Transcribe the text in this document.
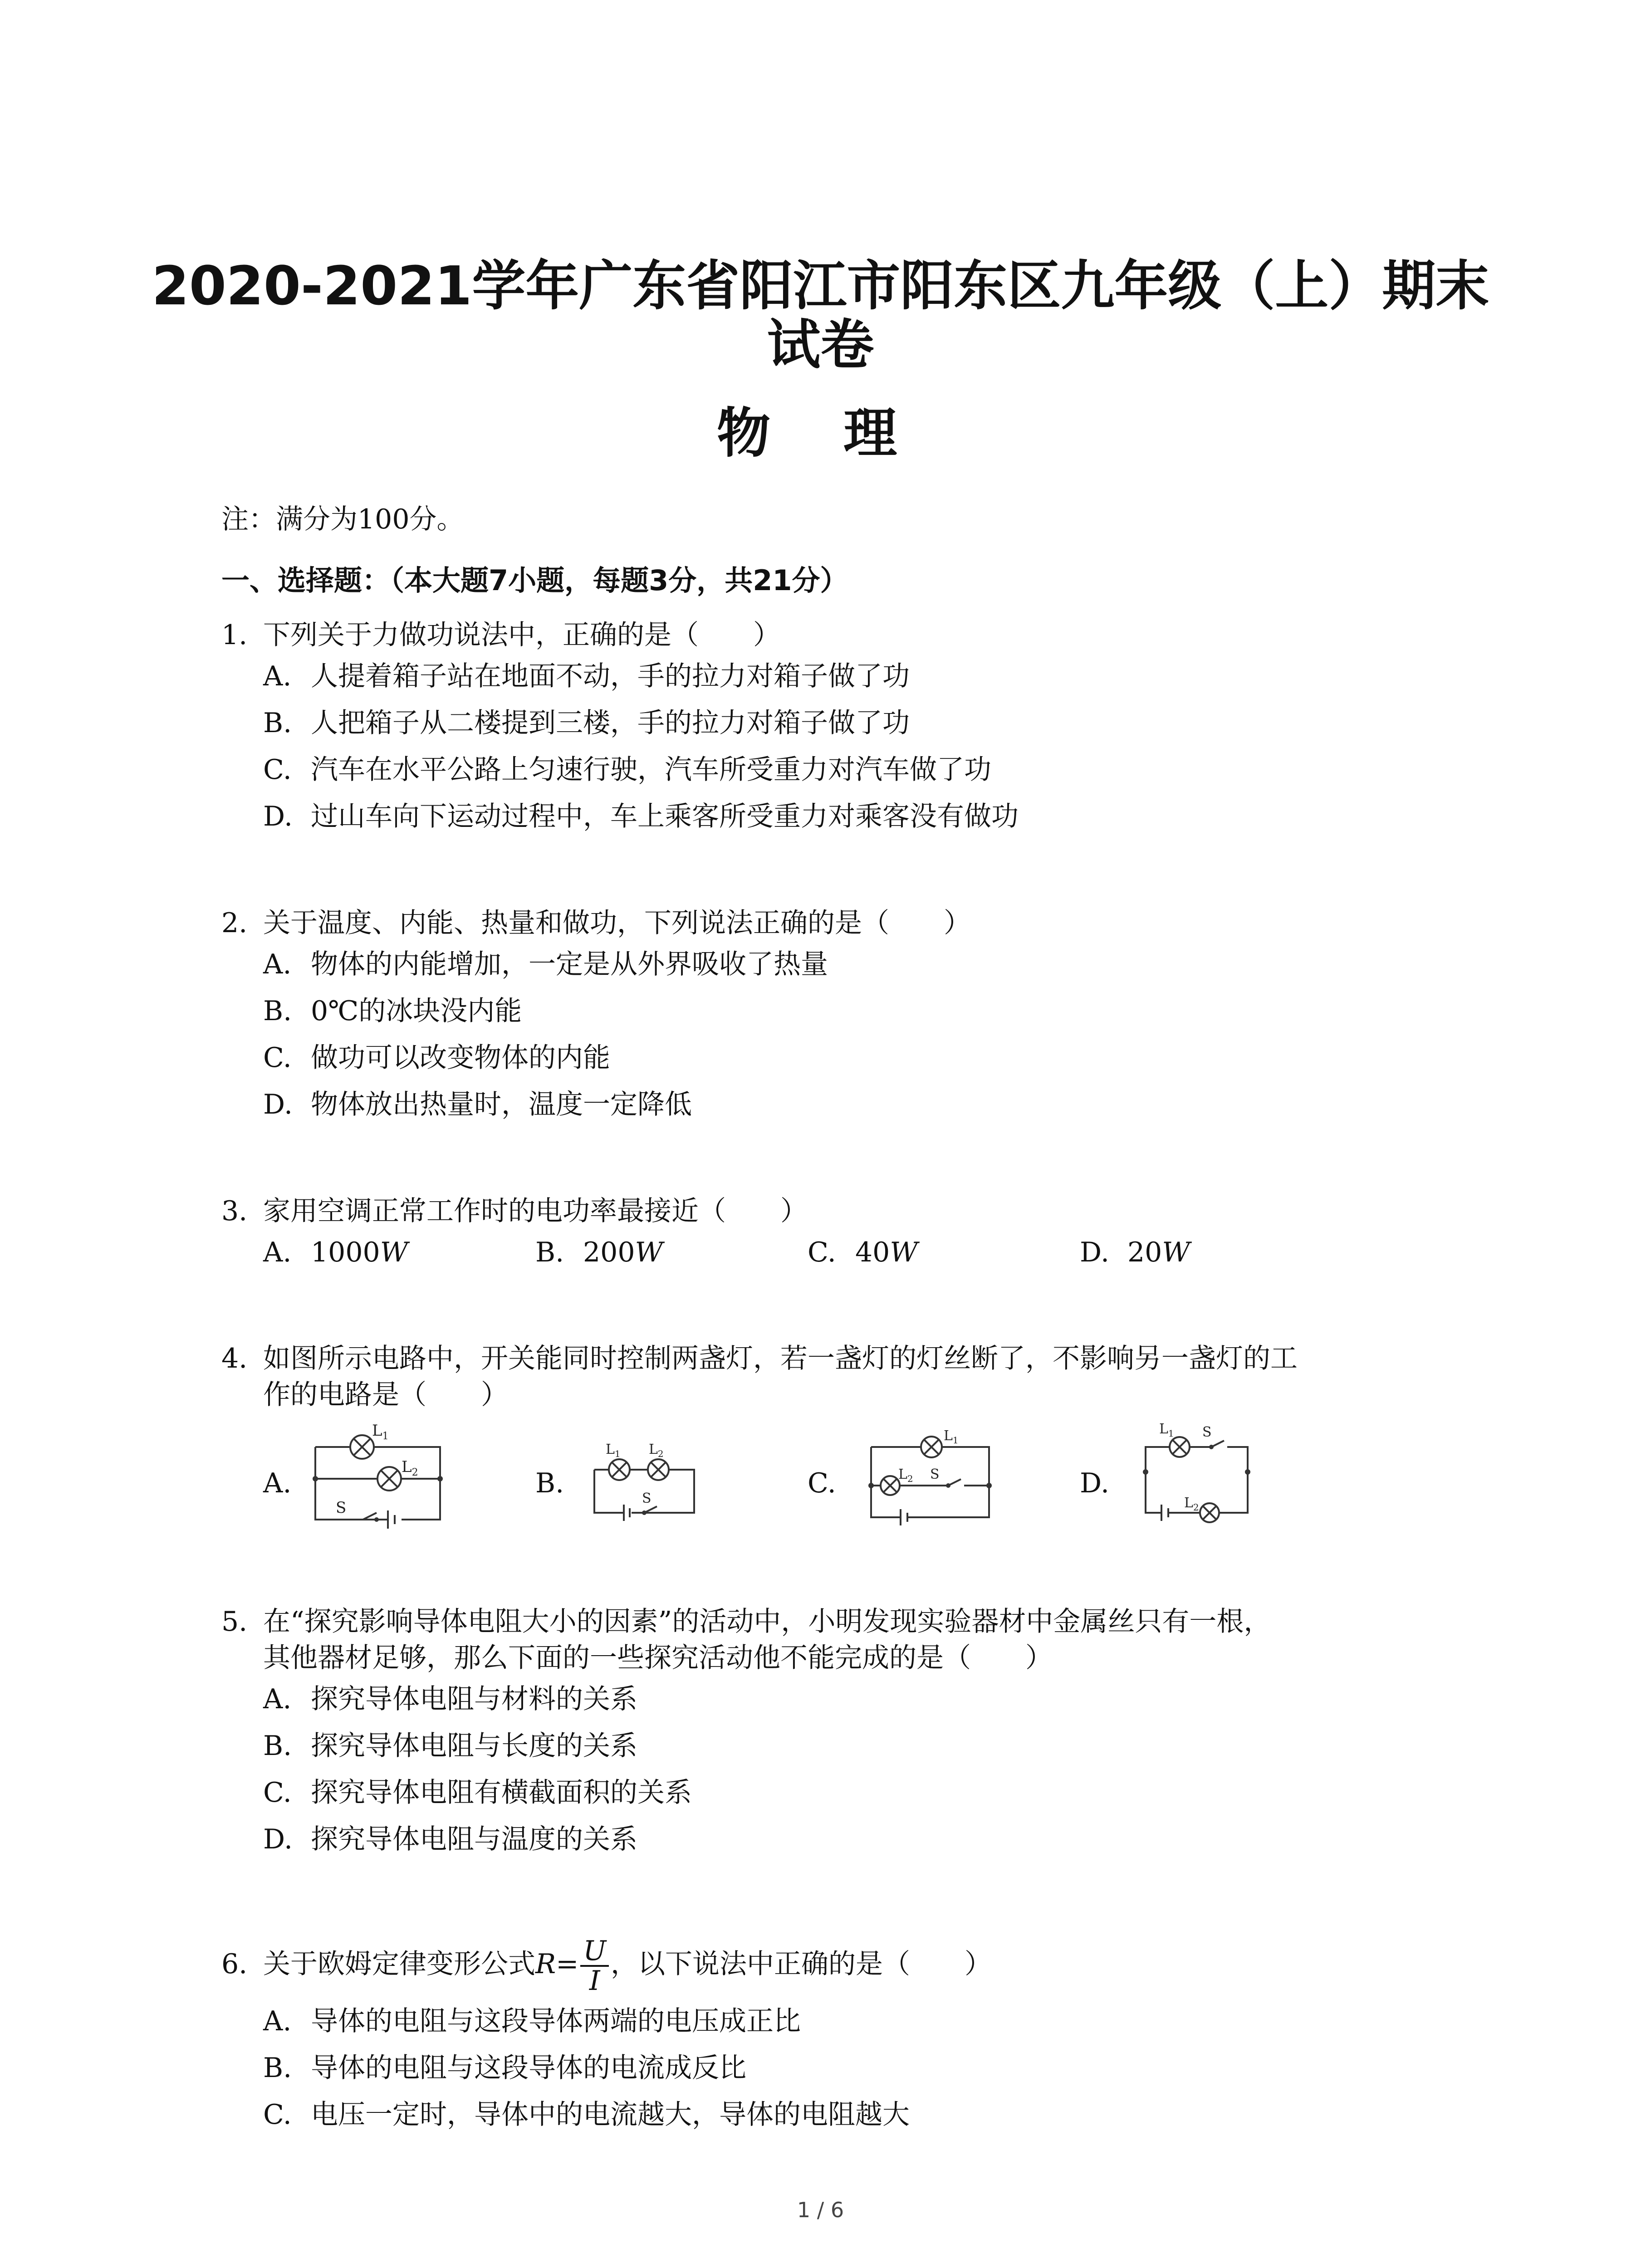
2020-2021学年广东省阳江市阳东区九年级（上）期末
试卷
物 理
注：满分为100分。
一、选择题：（本大题7小题，每题3分，共21分）
1. 下列关于力做功说法中，正确的是（　　）
A. 人提着箱子站在地面不动，手的拉力对箱子做了功
B. 人把箱子从二楼提到三楼，手的拉力对箱子做了功
C. 汽车在水平公路上匀速行驶，汽车所受重力对汽车做了功
D. 过山车向下运动过程中，车上乘客所受重力对乘客没有做功
2. 关于温度、内能、热量和做功，下列说法正确的是（　　）
A. 物体的内能增加，一定是从外界吸收了热量
B. 0℃的冰块没内能
C. 做功可以改变物体的内能
D. 物体放出热量时，温度一定降低
3. 家用空调正常工作时的电功率最接近（　　）
A. 1000W	B. 200W	C. 40W	D. 20W
4. 如图所示电路中，开关能同时控制两盏灯，若一盏灯的灯丝断了，不影响另一盏灯的工
作的电路是（　　）
A.
$L_1$
$L_2$
S
B.
$L_1$ $L_2$
S	C.
$L_1$
$L_2$ S	D.
$L_1$ S
$L_2$
5. 在“探究影响导体电阻大小的因素”的活动中，小明发现实验器材中金属丝只有一根，
其他器材足够，那么下面的一些探究活动他不能完成的是（　　）
A. 探究导体电阻与材料的关系
B. 探究导体电阻与长度的关系
C. 探究导体电阻有横截面积的关系
D. 探究导体电阻与温度的关系
6. 关于欧姆定律变形公式$R= \frac{U}{I}$ ，以下说法中正确的是（　　）
A. 导体的电阻与这段导体两端的电压成正比
B. 导体的电阻与这段导体的电流成反比
C. 电压一定时，导体中的电流越大，导体的电阻越大
1 / 6
